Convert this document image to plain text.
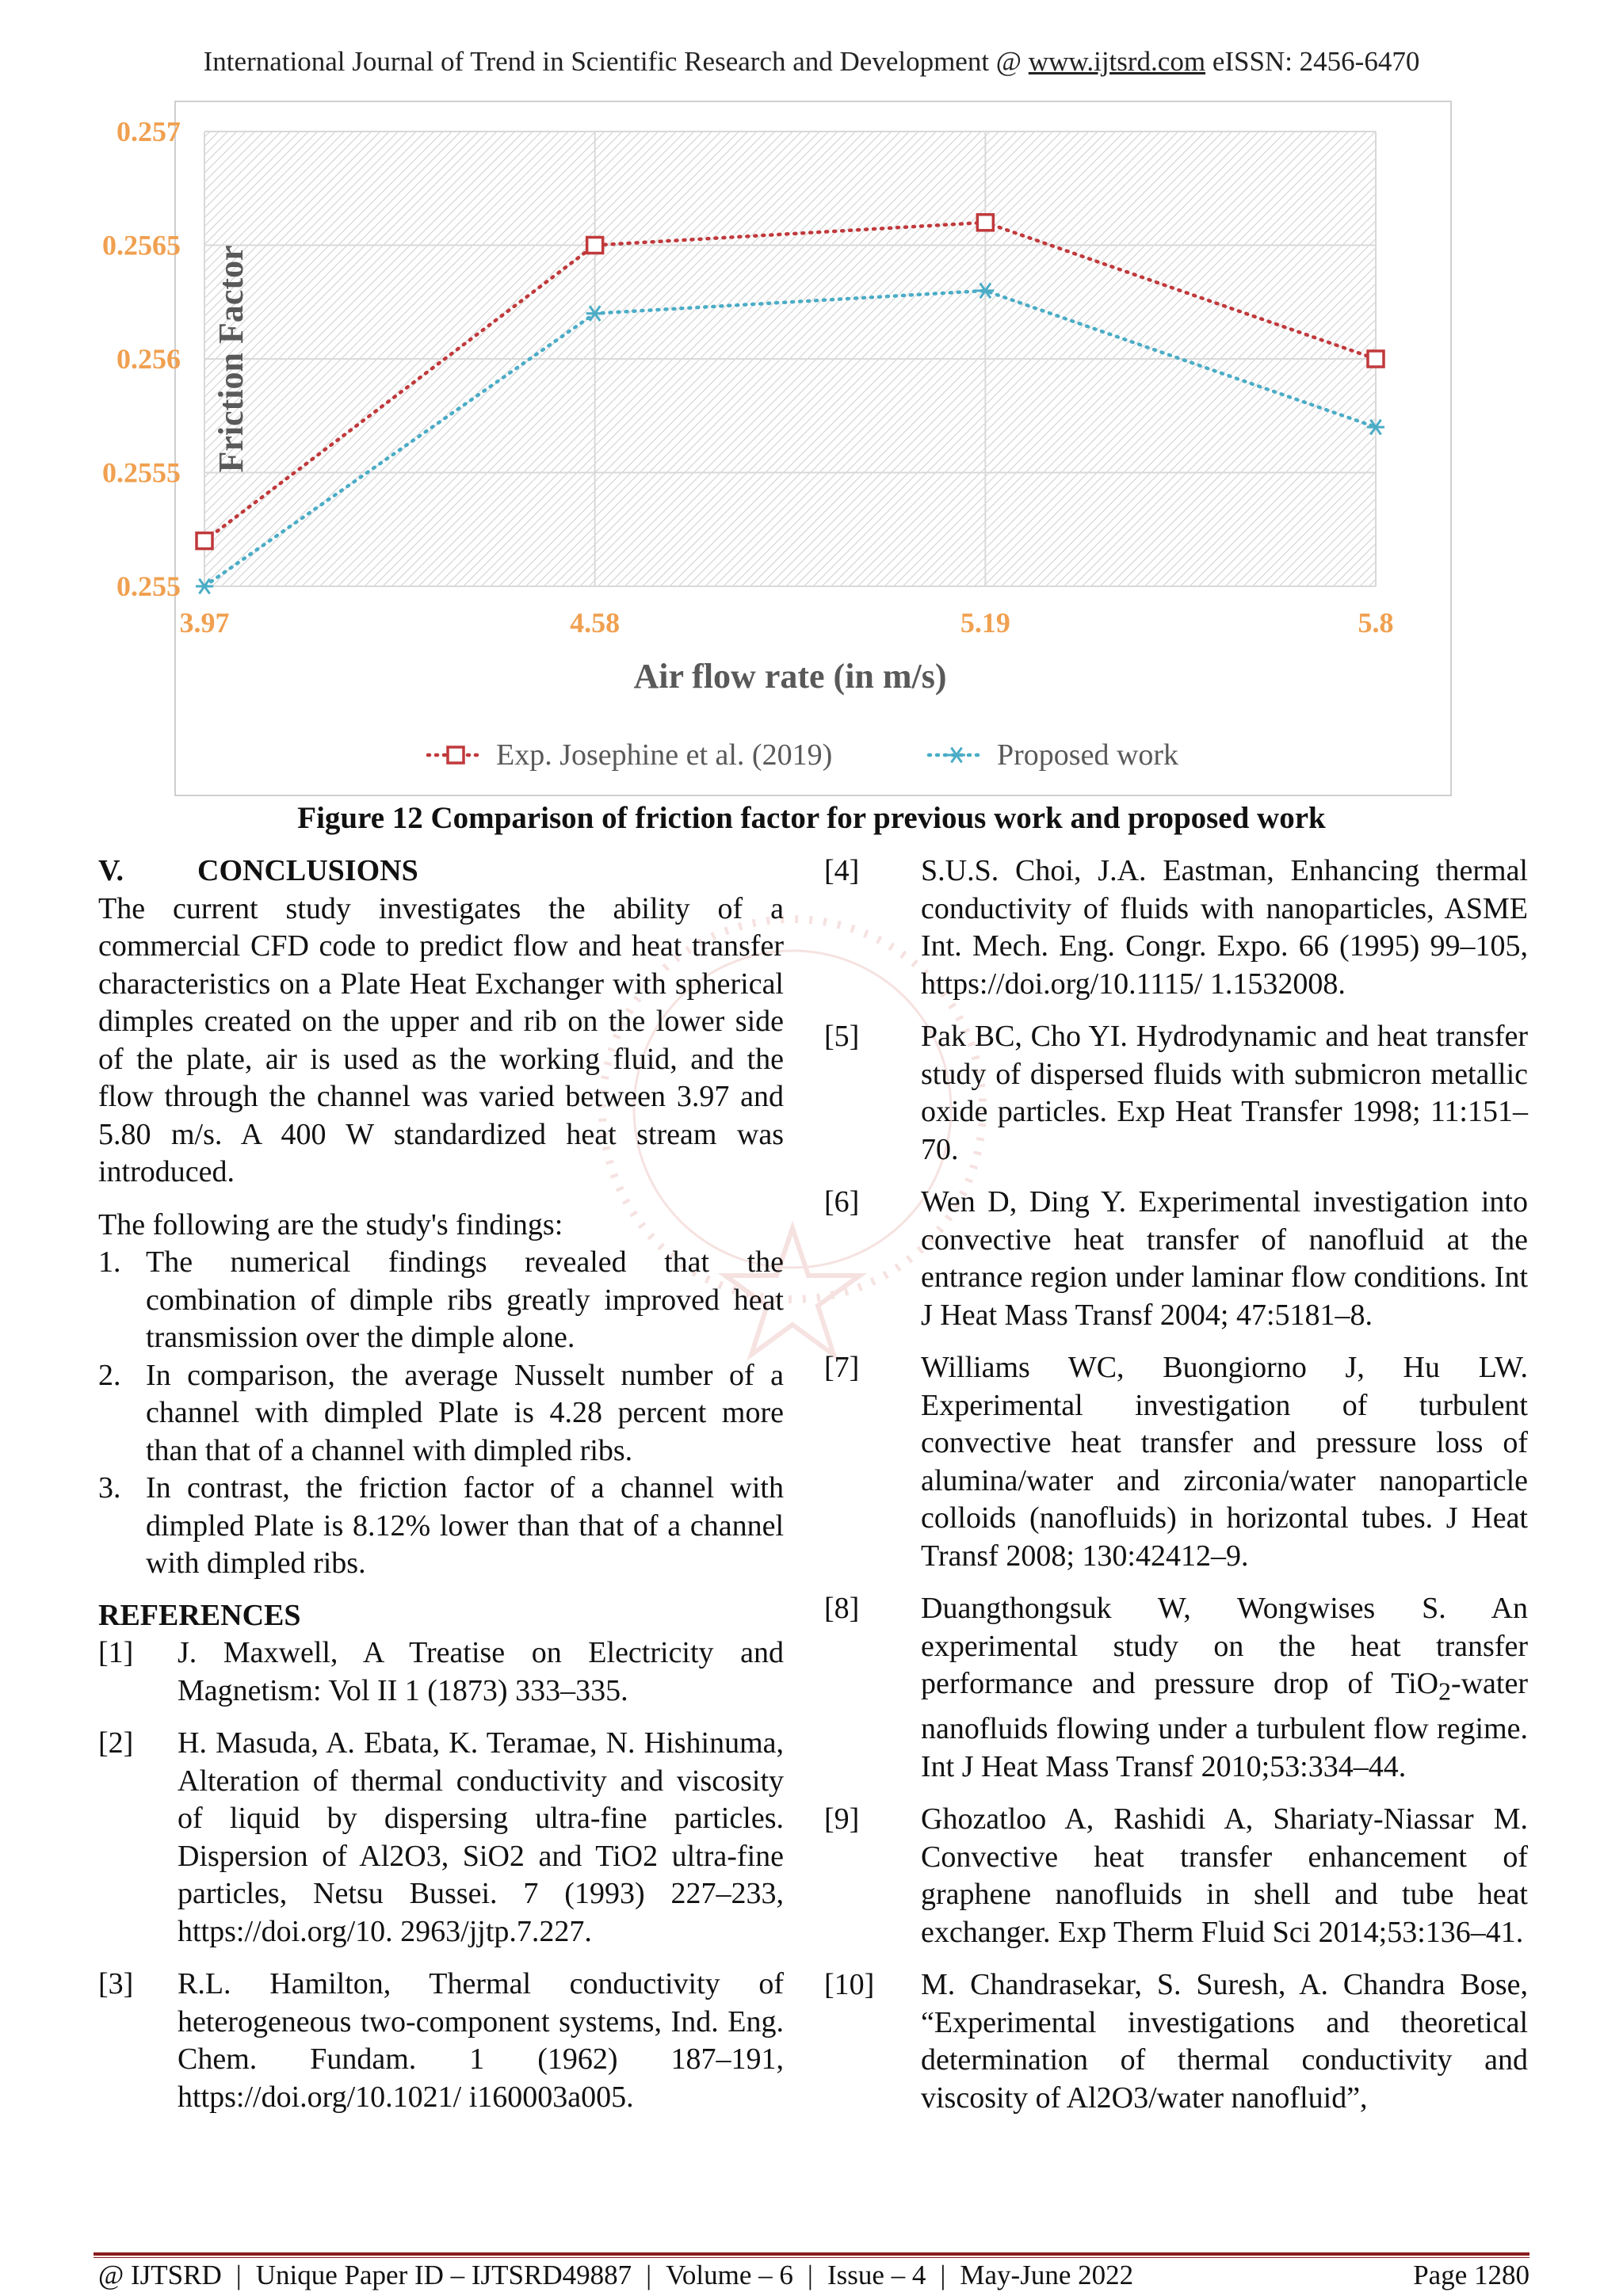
International Journal of Trend in Scientific Research and Development @ www.ijtsrd.com eISSN: 2456-6470
0.257
0.2565
0.256
0.2555
0.255
3.97	4.58	5.19	5.8
Friction Factor
Air flow rate (in m/s)
Exp. Josephine et al. (2019)	Proposed work
Figure 12 Comparison of friction factor for previous work and proposed work
V.	CONCLUSIONS

The current study investigates the ability of a commercial CFD code to predict flow and heat transfer characteristics on a Plate Heat Exchanger with spherical dimples created on the upper and rib on the lower side of the plate, air is used as the working fluid, and the flow through the channel was varied between 3.97 and 5.80 m/s. A 400 W standardized heat stream was introduced.

The following are the study's findings:

1. The numerical findings revealed that the combination of dimple ribs greatly improved heat transmission over the dimple alone.
2. In comparison, the average Nusselt number of a channel with dimpled Plate is 4.28 percent more than that of a channel with dimpled ribs.
3. In contrast, the friction factor of a channel with dimpled Plate is 8.12% lower than that of a channel with dimpled ribs.

REFERENCES

[1]	J. Maxwell, A Treatise on Electricity and Magnetism: Vol II 1 (1873) 333–335.
[2]	H. Masuda, A. Ebata, K. Teramae, N. Hishinuma, Alteration of thermal conductivity and viscosity of liquid by dispersing ultra-fine particles. Dispersion of Al2O3, SiO2 and TiO2 ultra-fine particles, Netsu Bussei. 7 (1993) 227–233, https://doi.org/10. 2963/jjtp.7.227.
[3]	R.L. Hamilton, Thermal conductivity of heterogeneous two-component systems, Ind. Eng. Chem. Fundam. 1 (1962) 187–191, https://doi.org/10.1021/ i160003a005.
[4]	S.U.S. Choi, J.A. Eastman, Enhancing thermal conductivity of fluids with nanoparticles, ASME Int. Mech. Eng. Congr. Expo. 66 (1995) 99–105, https://doi.org/10.1115/ 1.1532008.
[5]	Pak BC, Cho YI. Hydrodynamic and heat transfer study of dispersed fluids with submicron metallic oxide particles. Exp Heat Transfer 1998; 11:151–70.
[6]	Wen D, Ding Y. Experimental investigation into convective heat transfer of nanofluid at the entrance region under laminar flow conditions. Int J Heat Mass Transf 2004; 47:5181–8.
[7]	Williams WC, Buongiorno J, Hu LW. Experimental investigation of turbulent convective heat transfer and pressure loss of alumina/water and zirconia/water nanoparticle colloids (nanofluids) in horizontal tubes. J Heat Transf 2008; 130:42412–9.
[8]	Duangthongsuk W, Wongwises S. An experimental study on the heat transfer performance and pressure drop of TiO$_2$-water nanofluids flowing under a turbulent flow regime. Int J Heat Mass Transf 2010;53:334–44.
[9]	Ghozatloo A, Rashidi A, Shariaty-Niassar M. Convective heat transfer enhancement of graphene nanofluids in shell and tube heat exchanger. Exp Therm Fluid Sci 2014;53:136–41.
[10]	M. Chandrasekar, S. Suresh, A. Chandra Bose, “Experimental investigations and theoretical determination of thermal conductivity and viscosity of Al2O3/water nanofluid”,
@ IJTSRD | Unique Paper ID – IJTSRD49887 | Volume – 6 | Issue – 4 | May-June 2022	Page 1280
